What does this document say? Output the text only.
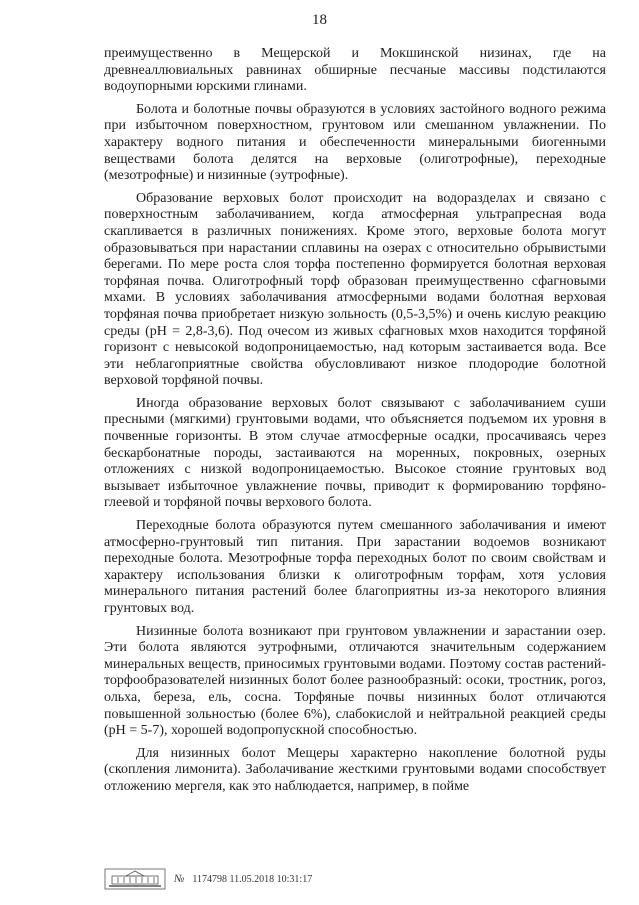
18

преимущественно в Мещерской и Мокшинской низинах, где на древнеаллювиальных равнинах обширные песчаные массивы подстилаются водоупорными юрскими глинами.

Болота и болотные почвы образуются в условиях застойного водного режима при избыточном поверхностном, грунтовом или смешанном увлажнении. По характеру водного питания и обеспеченности минеральными биогенными веществами болота делятся на верховые (олиготрофные), переходные (мезотрофные) и низинные (эутрофные).

Образование верховых болот происходит на водоразделах и связано с поверхностным заболачиванием, когда атмосферная ультрапресная вода скапливается в различных понижениях. Кроме этого, верховые болота могут образовываться при нарастании сплавины на озерах с относительно обрывистыми берегами. По мере роста слоя торфа постепенно формируется болотная верховая торфяная почва. Олиготрофный торф образован преимущественно сфагновыми мхами. В условиях заболачивания атмосферными водами болотная верховая торфяная почва приобретает низкую зольность (0,5-3,5%) и очень кислую реакцию среды (pH = 2,8-3,6). Под очесом из живых сфагновых мхов находится торфяной горизонт с невысокой водопроницаемостью, над которым застаивается вода. Все эти неблагоприятные свойства обусловливают низкое плодородие болотной верховой торфяной почвы.

Иногда образование верховых болот связывают с заболачиванием суши пресными (мягкими) грунтовыми водами, что объясняется подъемом их уровня в почвенные горизонты. В этом случае атмосферные осадки, просачиваясь через бескарбонатные породы, застаиваются на моренных, покровных, озерных отложениях с низкой водопроницаемостью. Высокое стояние грунтовых вод вызывает избыточное увлажнение почвы, приводит к формированию торфяно-глеевой и торфяной почвы верхового болота.

Переходные болота образуются путем смешанного заболачивания и имеют атмосферно-грунтовый тип питания. При зарастании водоемов возникают переходные болота. Мезотрофные торфа переходных болот по своим свойствам и характеру использования близки к олиготрофным торфам, хотя условия минерального питания растений более благоприятны из-за некоторого влияния грунтовых вод.

Низинные болота возникают при грунтовом увлажнении и зарастании озер. Эти болота являются эутрофными, отличаются значительным содержанием минеральных веществ, приносимых грунтовыми водами. Поэтому состав растений-торфообразователей низинных болот более разнообразный: осоки, тростник, рогоз, ольха, береза, ель, сосна. Торфяные почвы низинных болот отличаются повышенной зольностью (более 6%), слабокислой и нейтральной реакцией среды (pH = 5-7), хорошей водопропускной способностью.

Для низинных болот Мещеры характерно накопление болотной руды (скопления лимонита). Заболачивание жесткими грунтовыми водами способствует отложению мергеля, как это наблюдается, например, в пойме

№ 1174798 11.05.2018 10:31:17
